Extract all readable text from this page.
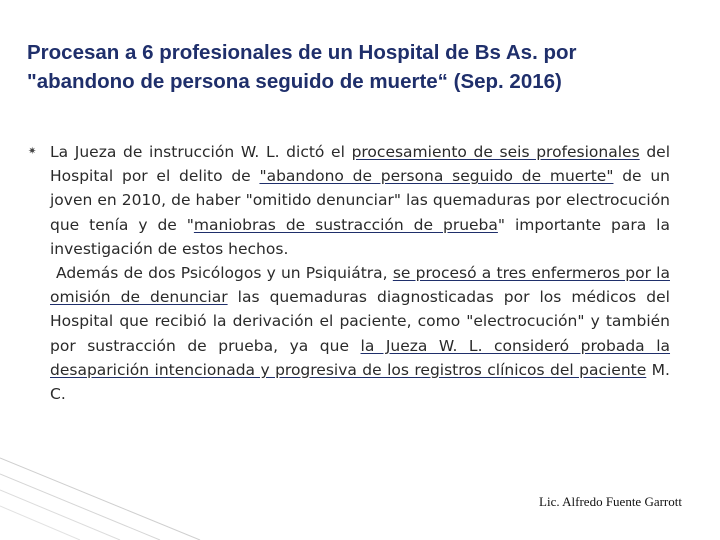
Procesan a 6 profesionales de un Hospital de Bs As. por
"abandono de persona seguido de muerte“ (Sep. 2016)
✷ La Jueza de instrucción W. L. dictó el procesamiento de seis profesionales del Hospital por el delito de "abandono de persona seguido de muerte" de un joven en 2010, de haber "omitido denunciar" las quemaduras por electrocución que tenía y de "maniobras de sustracción de prueba" importante para la investigación de estos hechos.

Además de dos Psicólogos y un Psiquiátra, se procesó a tres enfermeros por la omisión de denunciar las quemaduras diagnosticadas por los médicos del Hospital que recibió la derivación el paciente, como "electrocución" y también por sustracción de prueba, ya que la Jueza W. L. consideró probada la desaparición intencionada y progresiva de los registros clínicos del paciente M. C.

Lic. Alfredo Fuente Garrott
